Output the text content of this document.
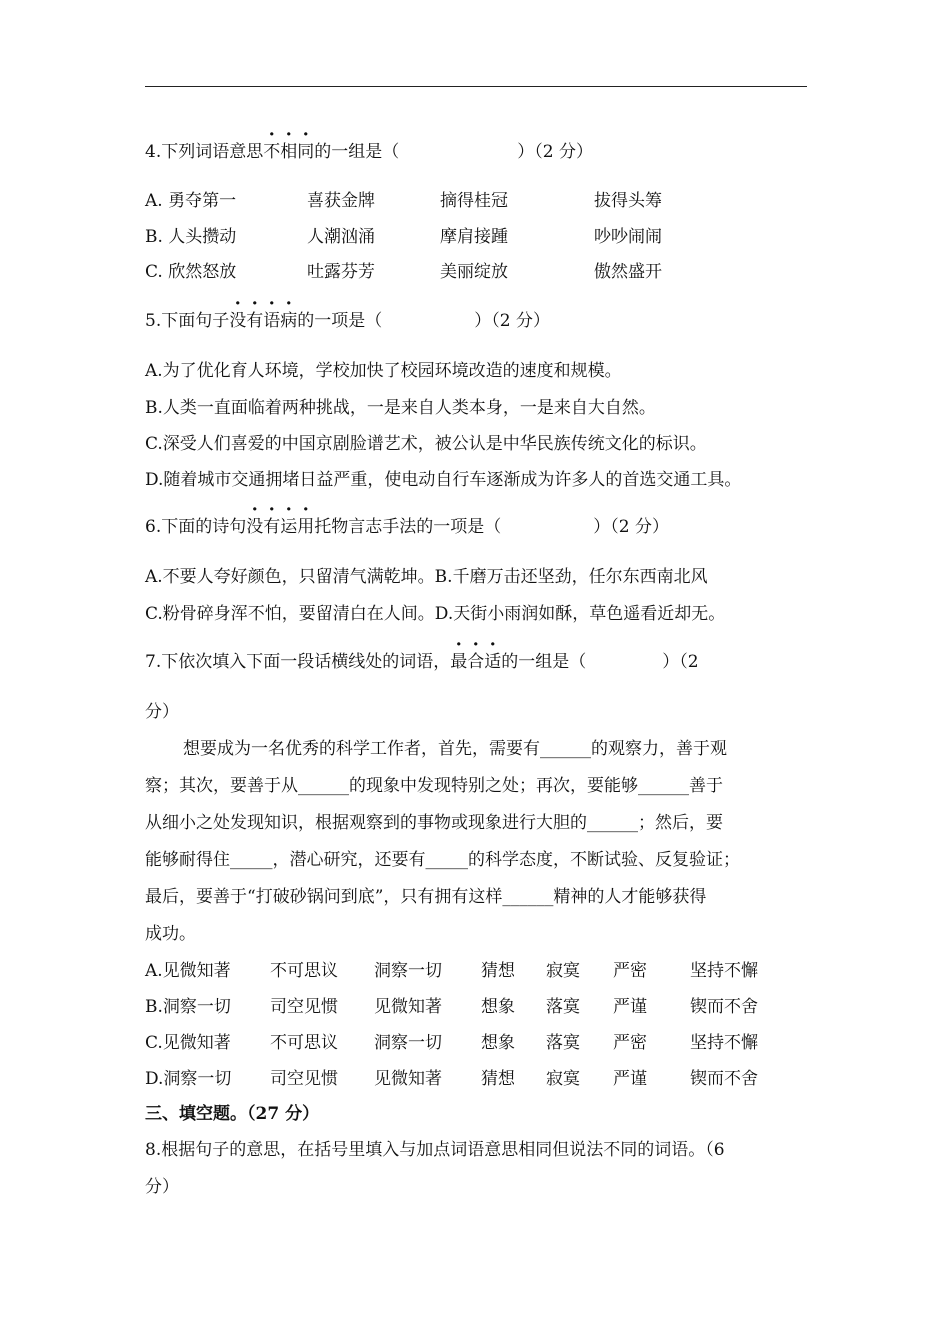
4.下列词语意思不相同的一组是（	）（2 分）
A. 勇夺第一	喜获金牌	摘得桂冠	拔得头筹
B. 人头攒动	人潮汹涌	摩肩接踵	吵吵闹闹
C. 欣然怒放	吐露芬芳	美丽绽放	傲然盛开
5.下面句子没有语病的一项是（	）（2 分）
A.为了优化育人环境，学校加快了校园环境改造的速度和规模。
B.人类一直面临着两种挑战，一是来自人类本身，一是来自大自然。
C.深受人们喜爱的中国京剧脸谱艺术，被公认是中华民族传统文化的标识。
D.随着城市交通拥堵日益严重，使电动自行车逐渐成为许多人的首选交通工具。
6.下面的诗句没有运用托物言志手法的一项是（	）（2 分）
A.不要人夸好颜色，只留清气满乾坤。B.千磨万击还坚劲，任尔东西南北风
C.粉骨碎身浑不怕，要留清白在人间。D.天街小雨润如酥，草色遥看近却无。
7.下依次填入下面一段话横线处的词语，最合适的一组是（	）（2
分）
想要成为一名优秀的科学工作者，首先，需要有______的观察力，善于观
察；其次，要善于从______的现象中发现特别之处；再次，要能够______善于
从细小之处发现知识，根据观察到的事物或现象进行大胆的______；然后，要
能够耐得住_____，潜心研究，还要有_____的科学态度，不断试验、反复验证；
最后，要善于“打破砂锅问到底”，只有拥有这样______精神的人才能够获得
成功。
A.见微知著 不可思议 洞察一切 猜想 寂寞 严密	坚持不懈
B.洞察一切 司空见惯 见微知著 想象 落寞 严谨	锲而不舍
C.见微知著 不可思议 洞察一切 想象 落寞 严密	坚持不懈
D.洞察一切 司空见惯 见微知著 猜想 寂寞 严谨	锲而不舍
三、填空题。（27 分）
8.根据句子的意思，在括号里填入与加点词语意思相同但说法不同的词语。（6
分）
